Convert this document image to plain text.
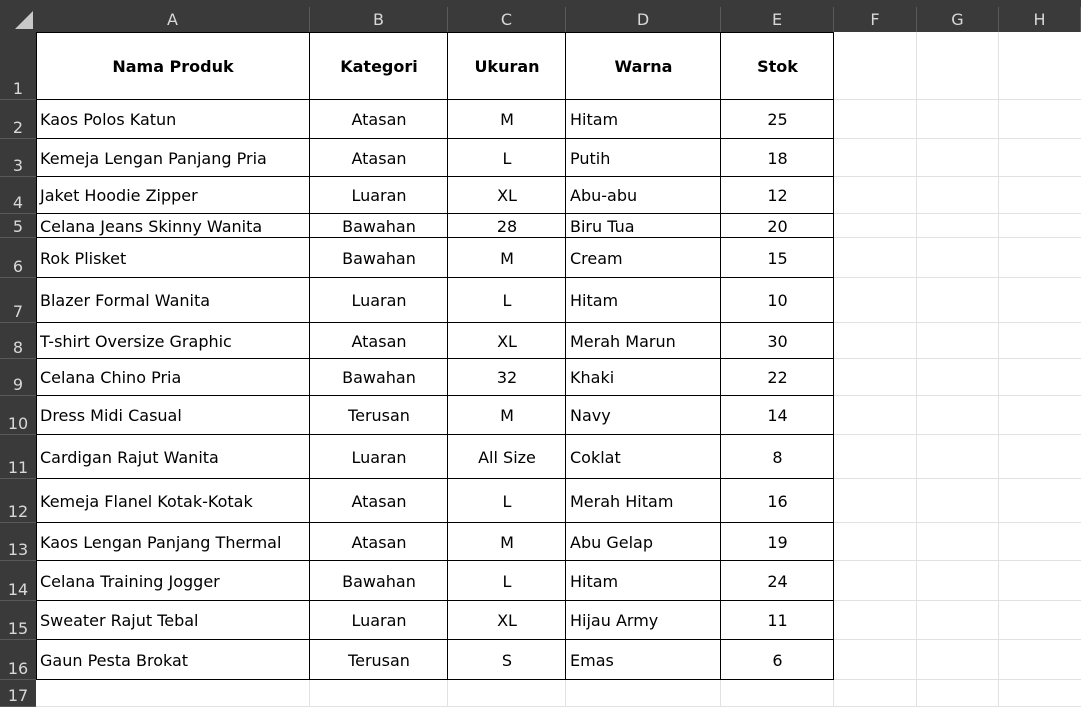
A	B	C	D	E	F	G	H
1
2
3
4
5
6
7
8
9
10
11
12
13
14
15
16
17
Nama Produk	Kategori	Ukuran	Warna	Stok
Kaos Polos Katun	Atasan	M	Hitam	25
Kemeja Lengan Panjang Pria	Atasan	L	Putih	18
Jaket Hoodie Zipper	Luaran	XL	Abu-abu	12
Celana Jeans Skinny Wanita	Bawahan	28	Biru Tua	20
Rok Plisket	Bawahan	M	Cream	15
Blazer Formal Wanita	Luaran	L	Hitam	10
T-shirt Oversize Graphic	Atasan	XL	Merah Marun	30
Celana Chino Pria	Bawahan	32	Khaki	22
Dress Midi Casual	Terusan	M	Navy	14
Cardigan Rajut Wanita	Luaran	All Size	Coklat	8
Kemeja Flanel Kotak-Kotak	Atasan	L	Merah Hitam	16
Kaos Lengan Panjang Thermal	Atasan	M	Abu Gelap	19
Celana Training Jogger	Bawahan	L	Hitam	24
Sweater Rajut Tebal	Luaran	XL	Hijau Army	11
Gaun Pesta Brokat	Terusan	S	Emas	6
